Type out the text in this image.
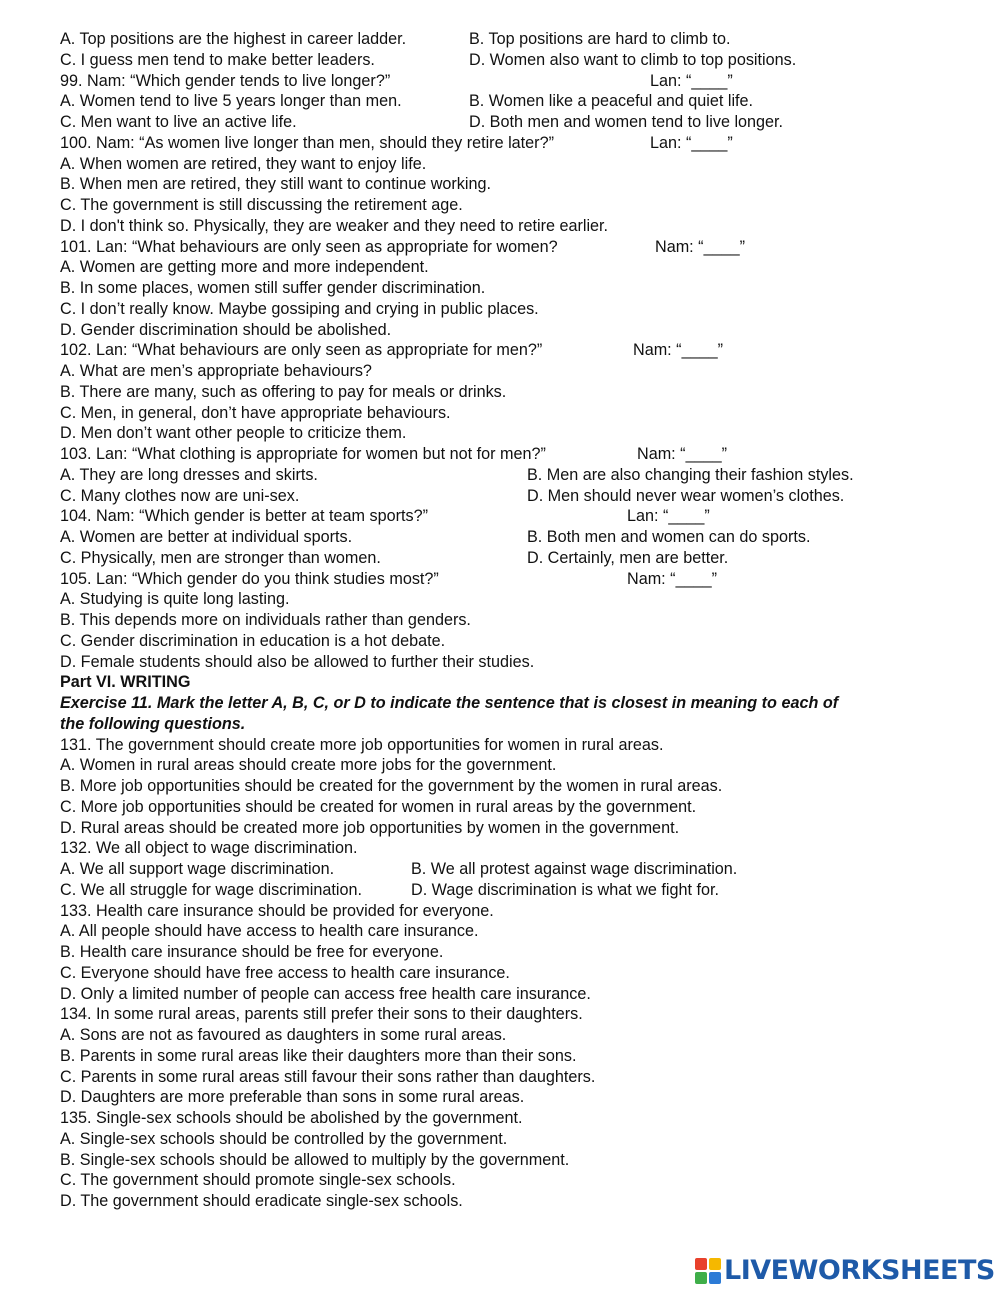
A. Top positions are the highest in career ladder.	B. Top positions are hard to climb to.
C. I guess men tend to make better leaders.	D. Women also want to climb to top positions.
99. Nam: “Which gender tends to live longer?”	Lan: “____”
A. Women tend to live 5 years longer than men.	B. Women like a peaceful and quiet life.
C. Men want to live an active life.	D. Both men and women tend to live longer.
100. Nam: “As women live longer than men, should they retire later?”	Lan: “____”
A. When women are retired, they want to enjoy life.
B. When men are retired, they still want to continue working.
C. The government is still discussing the retirement age.
D. I don't think so. Physically, they are weaker and they need to retire earlier.
101. Lan: “What behaviours are only seen as appropriate for women?	Nam: “____”
A. Women are getting more and more independent.
B. In some places, women still suffer gender discrimination.
C. I don’t really know. Maybe gossiping and crying in public places.
D. Gender discrimination should be abolished.
102. Lan: “What behaviours are only seen as appropriate for men?”	Nam: “____”
A. What are men’s appropriate behaviours?
B. There are many, such as offering to pay for meals or drinks.
C. Men, in general, don’t have appropriate behaviours.
D. Men don’t want other people to criticize them.
103. Lan: “What clothing is appropriate for women but not for men?”	Nam: “____”
A. They are long dresses and skirts.	B. Men are also changing their fashion styles.
C. Many clothes now are uni-sex.	D. Men should never wear women’s clothes.
104. Nam: “Which gender is better at team sports?”	Lan: “____”
A. Women are better at individual sports.	B. Both men and women can do sports.
C. Physically, men are stronger than women.	D. Certainly, men are better.
105. Lan: “Which gender do you think studies most?”	Nam: “____”
A. Studying is quite long lasting.
B. This depends more on individuals rather than genders.
C. Gender discrimination in education is a hot debate.
D. Female students should also be allowed to further their studies.
Part VI. WRITING
Exercise 11. Mark the letter A, B, C, or D to indicate the sentence that is closest in meaning to each of
the following questions.
131. The government should create more job opportunities for women in rural areas.
A. Women in rural areas should create more jobs for the government.
B. More job opportunities should be created for the government by the women in rural areas.
C. More job opportunities should be created for women in rural areas by the government.
D. Rural areas should be created more job opportunities by women in the government.
132. We all object to wage discrimination.
A. We all support wage discrimination.	B. We all protest against wage discrimination.
C. We all struggle for wage discrimination.	D. Wage discrimination is what we fight for.
133. Health care insurance should be provided for everyone.
A. All people should have access to health care insurance.
B. Health care insurance should be free for everyone.
C. Everyone should have free access to health care insurance.
D. Only a limited number of people can access free health care insurance.
134. In some rural areas, parents still prefer their sons to their daughters.
A. Sons are not as favoured as daughters in some rural areas.
B. Parents in some rural areas like their daughters more than their sons.
C. Parents in some rural areas still favour their sons rather than daughters.
D. Daughters are more preferable than sons in some rural areas.
135. Single-sex schools should be abolished by the government.
A. Single-sex schools should be controlled by the government.
B. Single-sex schools should be allowed to multiply by the government.
C. The government should promote single-sex schools.
D. The government should eradicate single-sex schools.
LIVEWORKSHEETS
